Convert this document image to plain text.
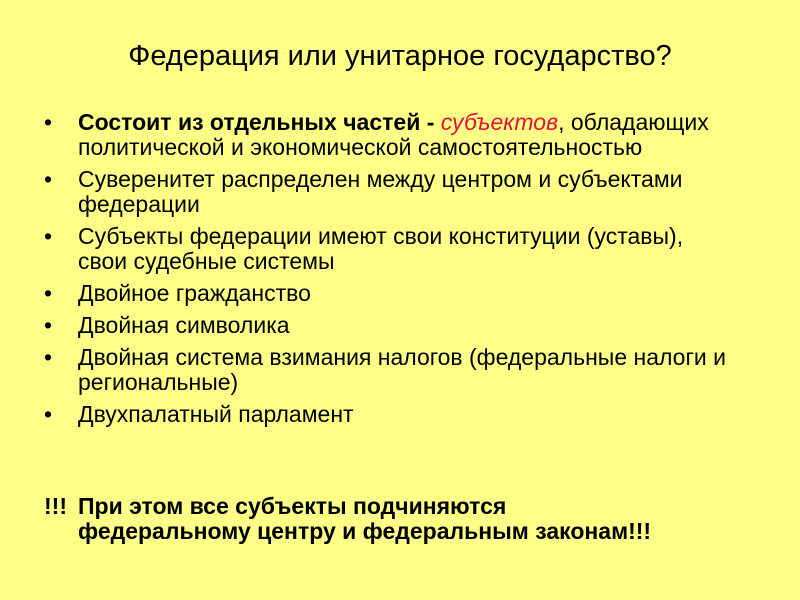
Федерация или унитарное государство?
•	Состоит из отдельных частей - субъектов, обладающих политической и экономической самостоятельностью
•	Суверенитет распределен между центром и субъектами федерации
•	Субъекты федерации имеют свои конституции (уставы), свои судебные системы
•	Двойное гражданство
•	Двойная символика
•	Двойная система взимания налогов (федеральные налоги и региональные)
•	Двухпалатный парламент
!!! При этом все субъекты подчиняются
федеральному центру и федеральным законам!!!
